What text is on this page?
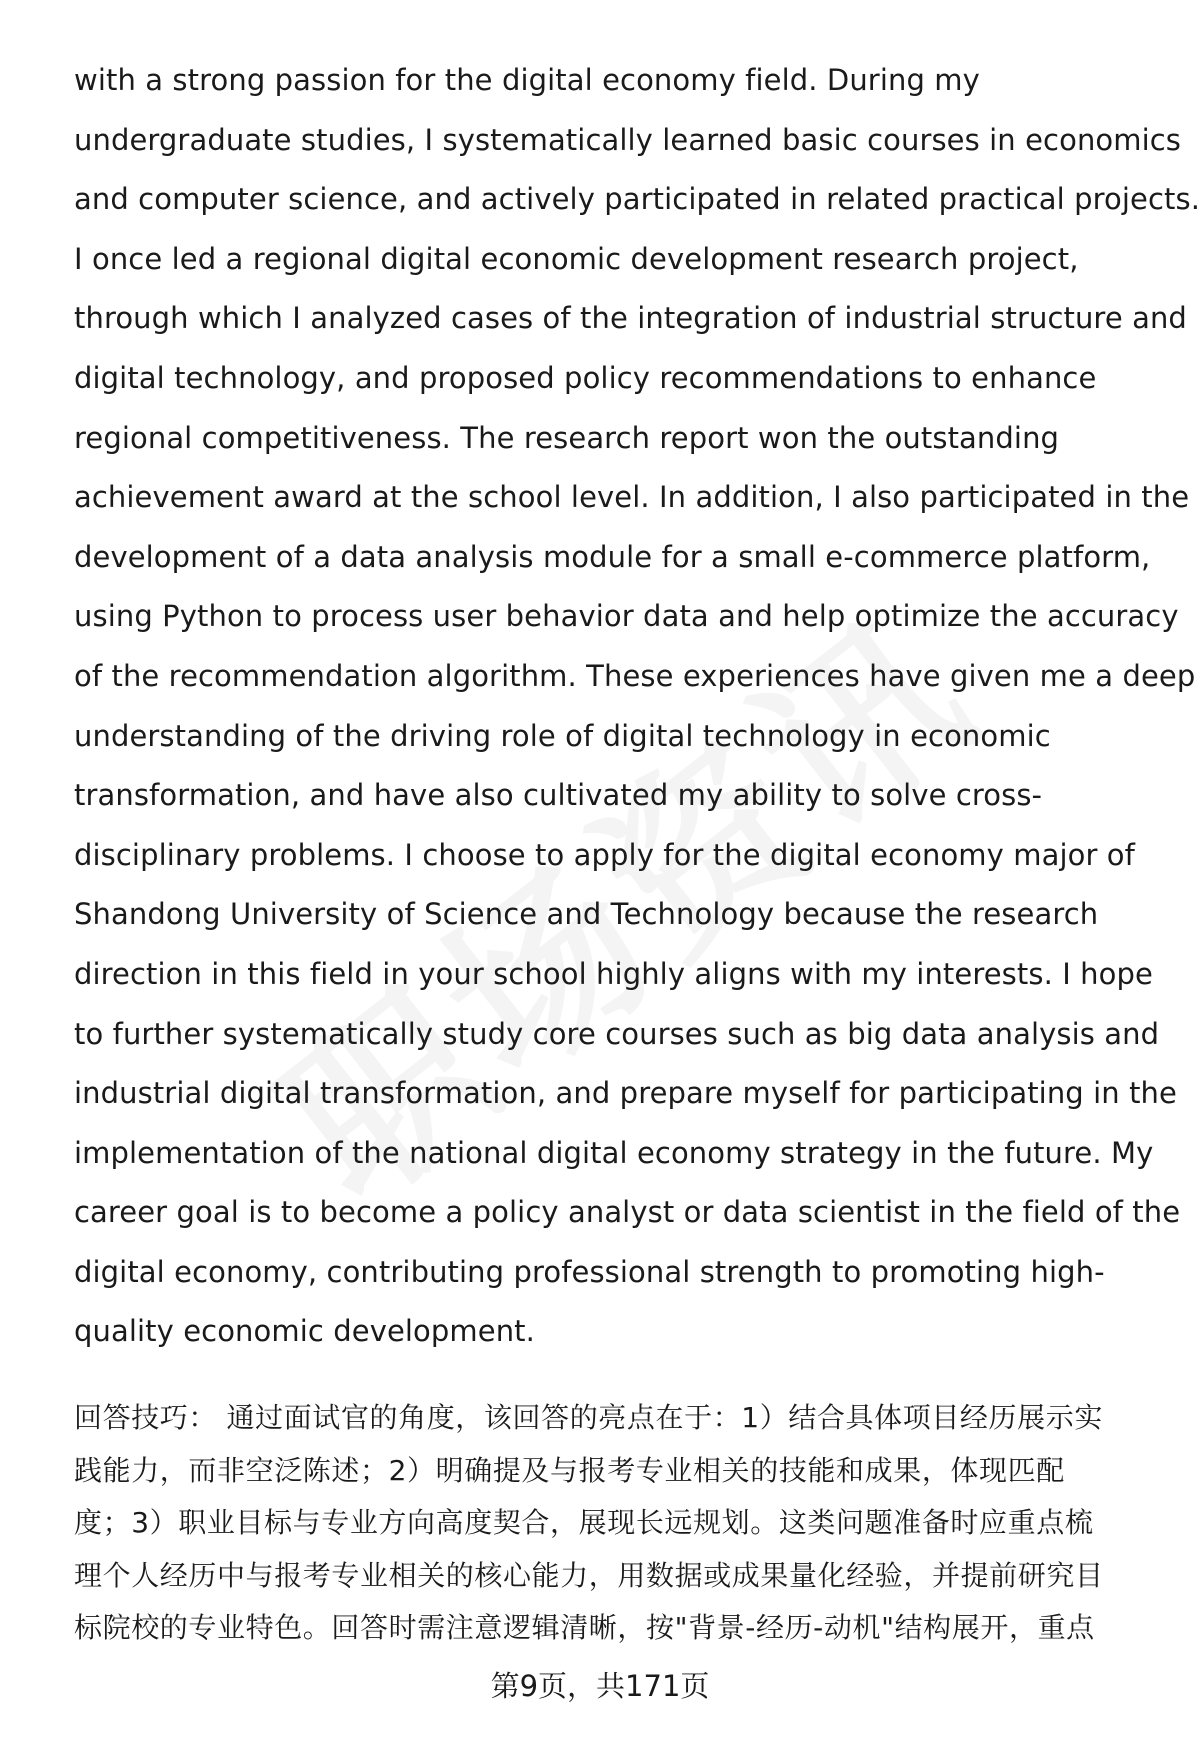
with a strong passion for the digital economy field. During my
undergraduate studies, I systematically learned basic courses in economics
and computer science, and actively participated in related practical projects.
I once led a regional digital economic development research project,
through which I analyzed cases of the integration of industrial structure and
digital technology, and proposed policy recommendations to enhance
regional competitiveness. The research report won the outstanding
achievement award at the school level. In addition, I also participated in the
development of a data analysis module for a small e-commerce platform,
using Python to process user behavior data and help optimize the accuracy
of the recommendation algorithm. These experiences have given me a deep
understanding of the driving role of digital technology in economic
transformation, and have also cultivated my ability to solve cross-
disciplinary problems. I choose to apply for the digital economy major of
Shandong University of Science and Technology because the research
direction in this field in your school highly aligns with my interests. I hope
to further systematically study core courses such as big data analysis and
industrial digital transformation, and prepare myself for participating in the
implementation of the national digital economy strategy in the future. My
career goal is to become a policy analyst or data scientist in the field of the
digital economy, contributing professional strength to promoting high-
quality economic development.
回答技巧： 通过面试官的角度，该回答的亮点在于：1）结合具体项目经历展示实
践能力，而非空泛陈述；2）明确提及与报考专业相关的技能和成果，体现匹配
度；3）职业目标与专业方向高度契合，展现长远规划。这类问题准备时应重点梳
理个人经历中与报考专业相关的核心能力，用数据或成果量化经验，并提前研究目
标院校的专业特色。回答时需注意逻辑清晰，按"背景-经历-动机"结构展开，重点
第9页，共171页
